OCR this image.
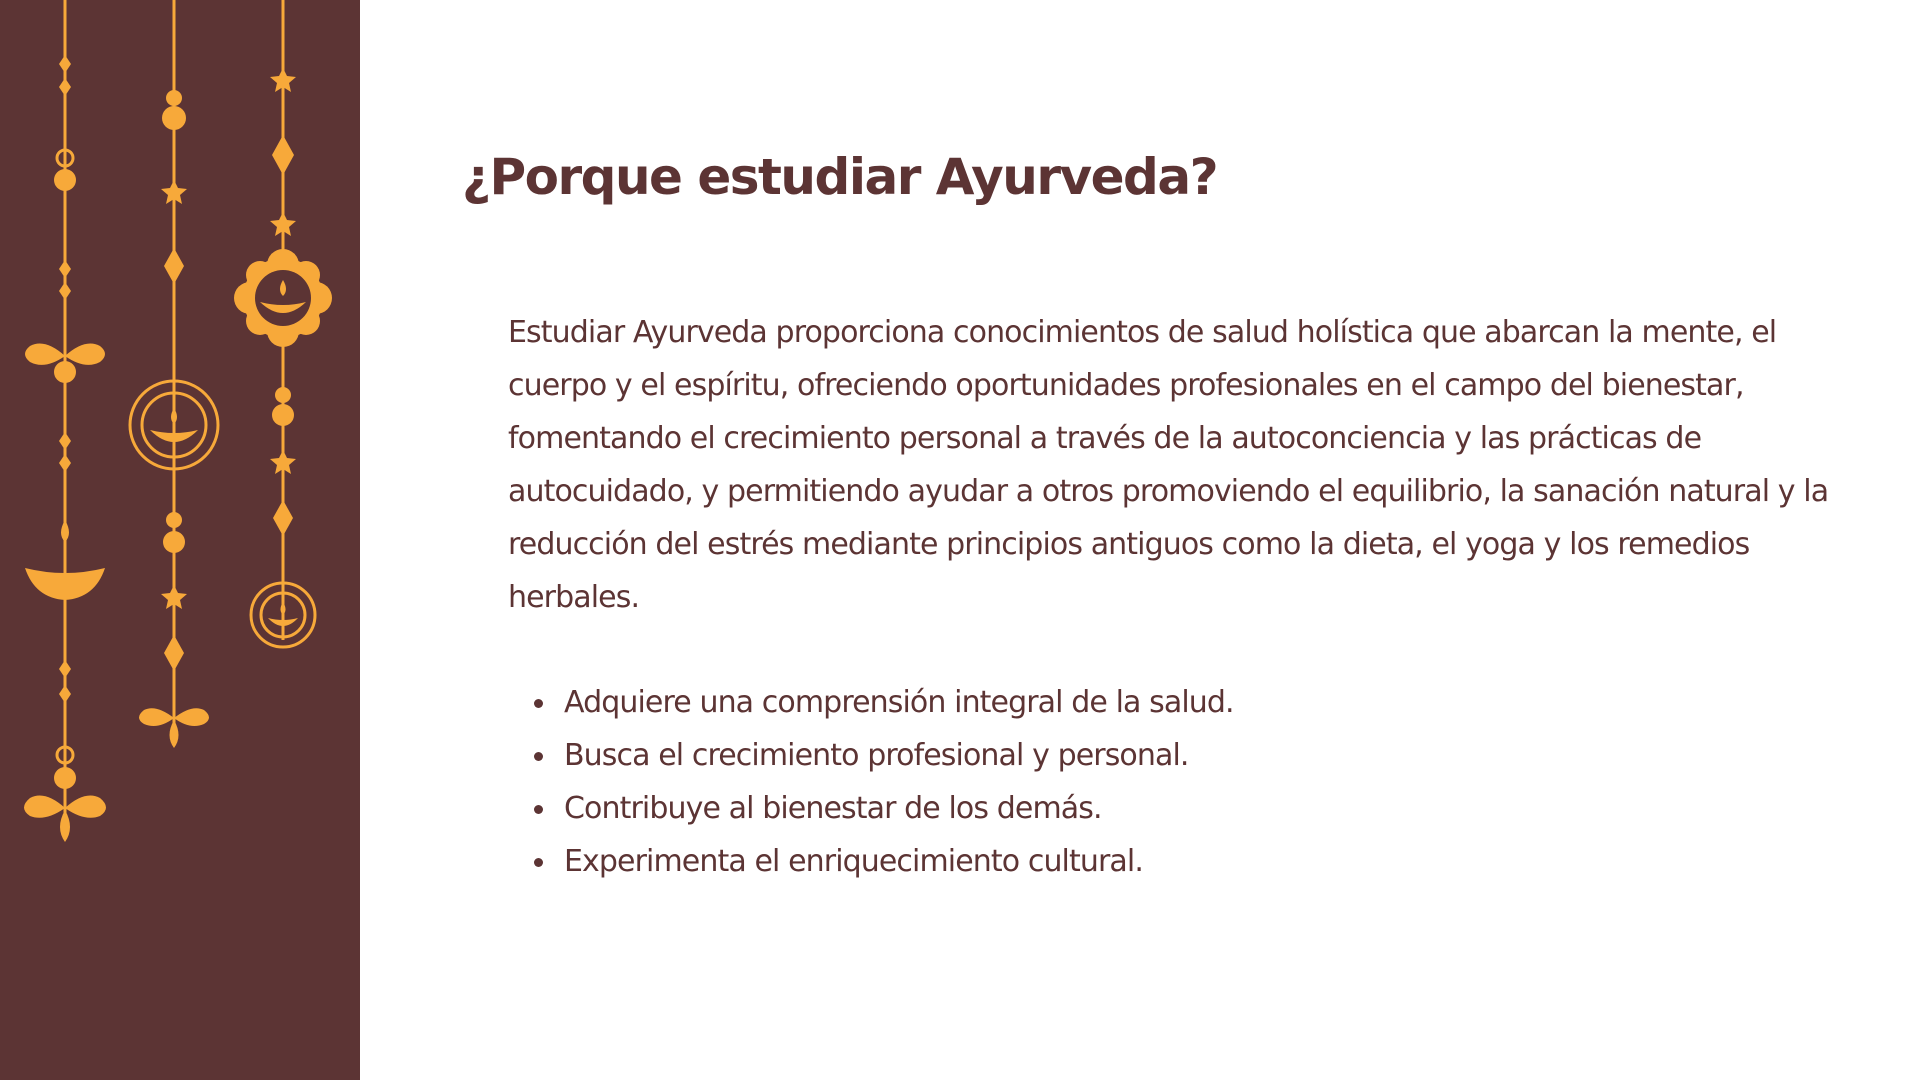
¿Porque estudiar Ayurveda?

Estudiar Ayurveda proporciona conocimientos de salud holística que abarcan la mente, el cuerpo y el espíritu, ofreciendo oportunidades profesionales en el campo del bienestar, fomentando el crecimiento personal a través de la autoconciencia y las prácticas de autocuidado, y permitiendo ayudar a otros promoviendo el equilibrio, la sanación natural y la reducción del estrés mediante principios antiguos como la dieta, el yoga y los remedios herbales.

Adquiere una comprensión integral de la salud.
Busca el crecimiento profesional y personal.
Contribuye al bienestar de los demás.
Experimenta el enriquecimiento cultural.
